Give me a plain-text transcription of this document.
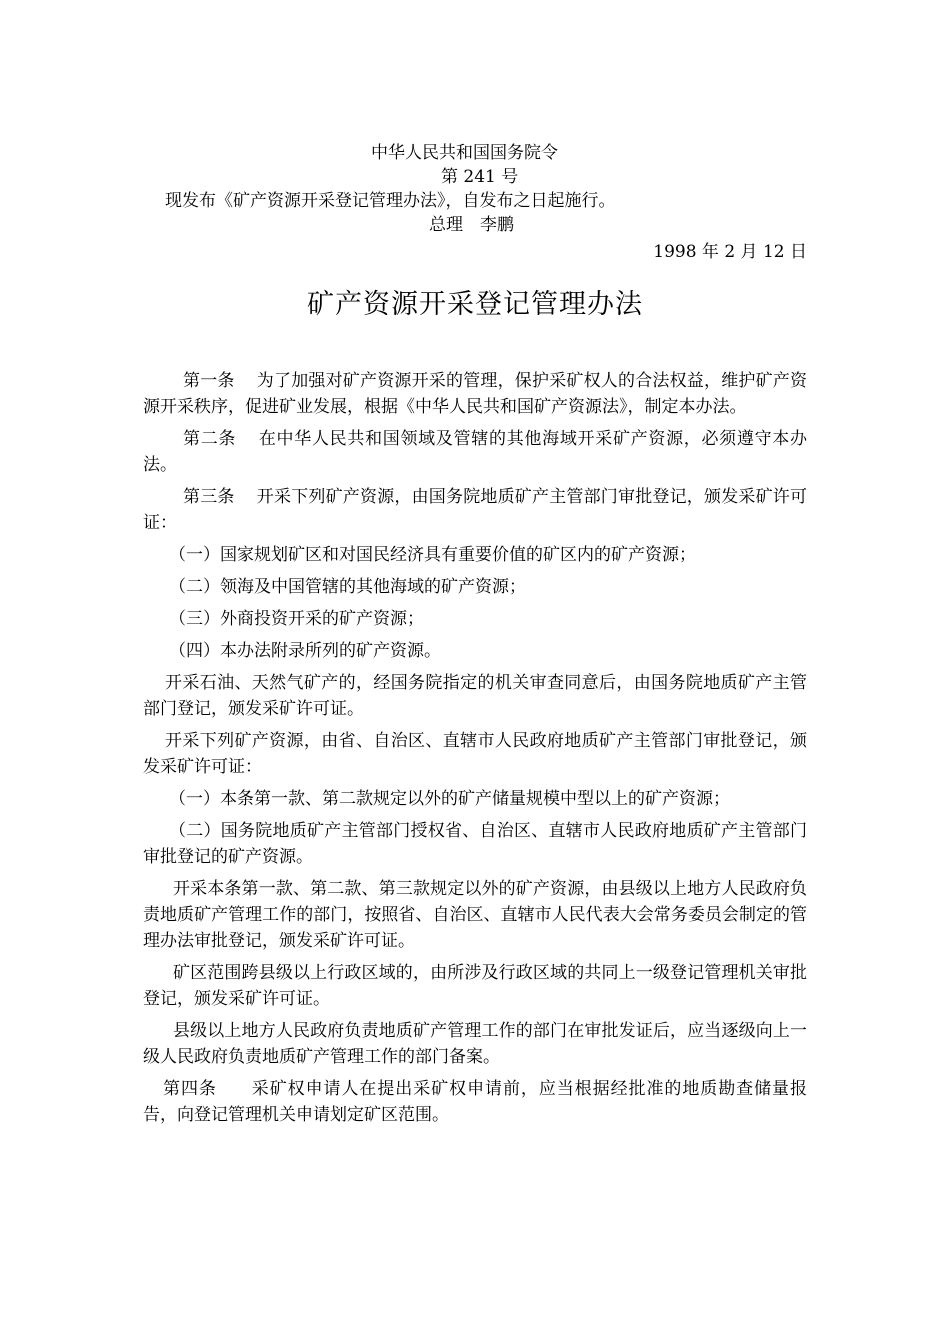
中华人民共和国国务院令
第 241 号
现发布《矿产资源开采登记管理办法》，自发布之日起施行。
总理　李鹏
1998 年 2 月 12 日
矿产资源开采登记管理办法

第一条 为了加强对矿产资源开采的管理，保护采矿权人的合法权益，维护矿产资源开采秩序，促进矿业发展，根据《中华人民共和国矿产资源法》，制定本办法。

第二条 在中华人民共和国领域及管辖的其他海域开采矿产资源，必须遵守本办法。

第三条 开采下列矿产资源，由国务院地质矿产主管部门审批登记，颁发采矿许可证：

（一）国家规划矿区和对国民经济具有重要价值的矿区内的矿产资源；

（二）领海及中国管辖的其他海域的矿产资源；

（三）外商投资开采的矿产资源；

（四）本办法附录所列的矿产资源。

开采石油、天然气矿产的，经国务院指定的机关审查同意后，由国务院地质矿产主管部门登记，颁发采矿许可证。

开采下列矿产资源，由省、自治区、直辖市人民政府地质矿产主管部门审批登记，颁发采矿许可证：

（一）本条第一款、第二款规定以外的矿产储量规模中型以上的矿产资源；

（二）国务院地质矿产主管部门授权省、自治区、直辖市人民政府地质矿产主管部门审批登记的矿产资源。

开采本条第一款、第二款、第三款规定以外的矿产资源，由县级以上地方人民政府负责地质矿产管理工作的部门，按照省、自治区、直辖市人民代表大会常务委员会制定的管理办法审批登记，颁发采矿许可证。

矿区范围跨县级以上行政区域的，由所涉及行政区域的共同上一级登记管理机关审批登记，颁发采矿许可证。

县级以上地方人民政府负责地质矿产管理工作的部门在审批发证后，应当逐级向上一级人民政府负责地质矿产管理工作的部门备案。

第四条 采矿权申请人在提出采矿权申请前，应当根据经批准的地质勘查储量报告，向登记管理机关申请划定矿区范围。
